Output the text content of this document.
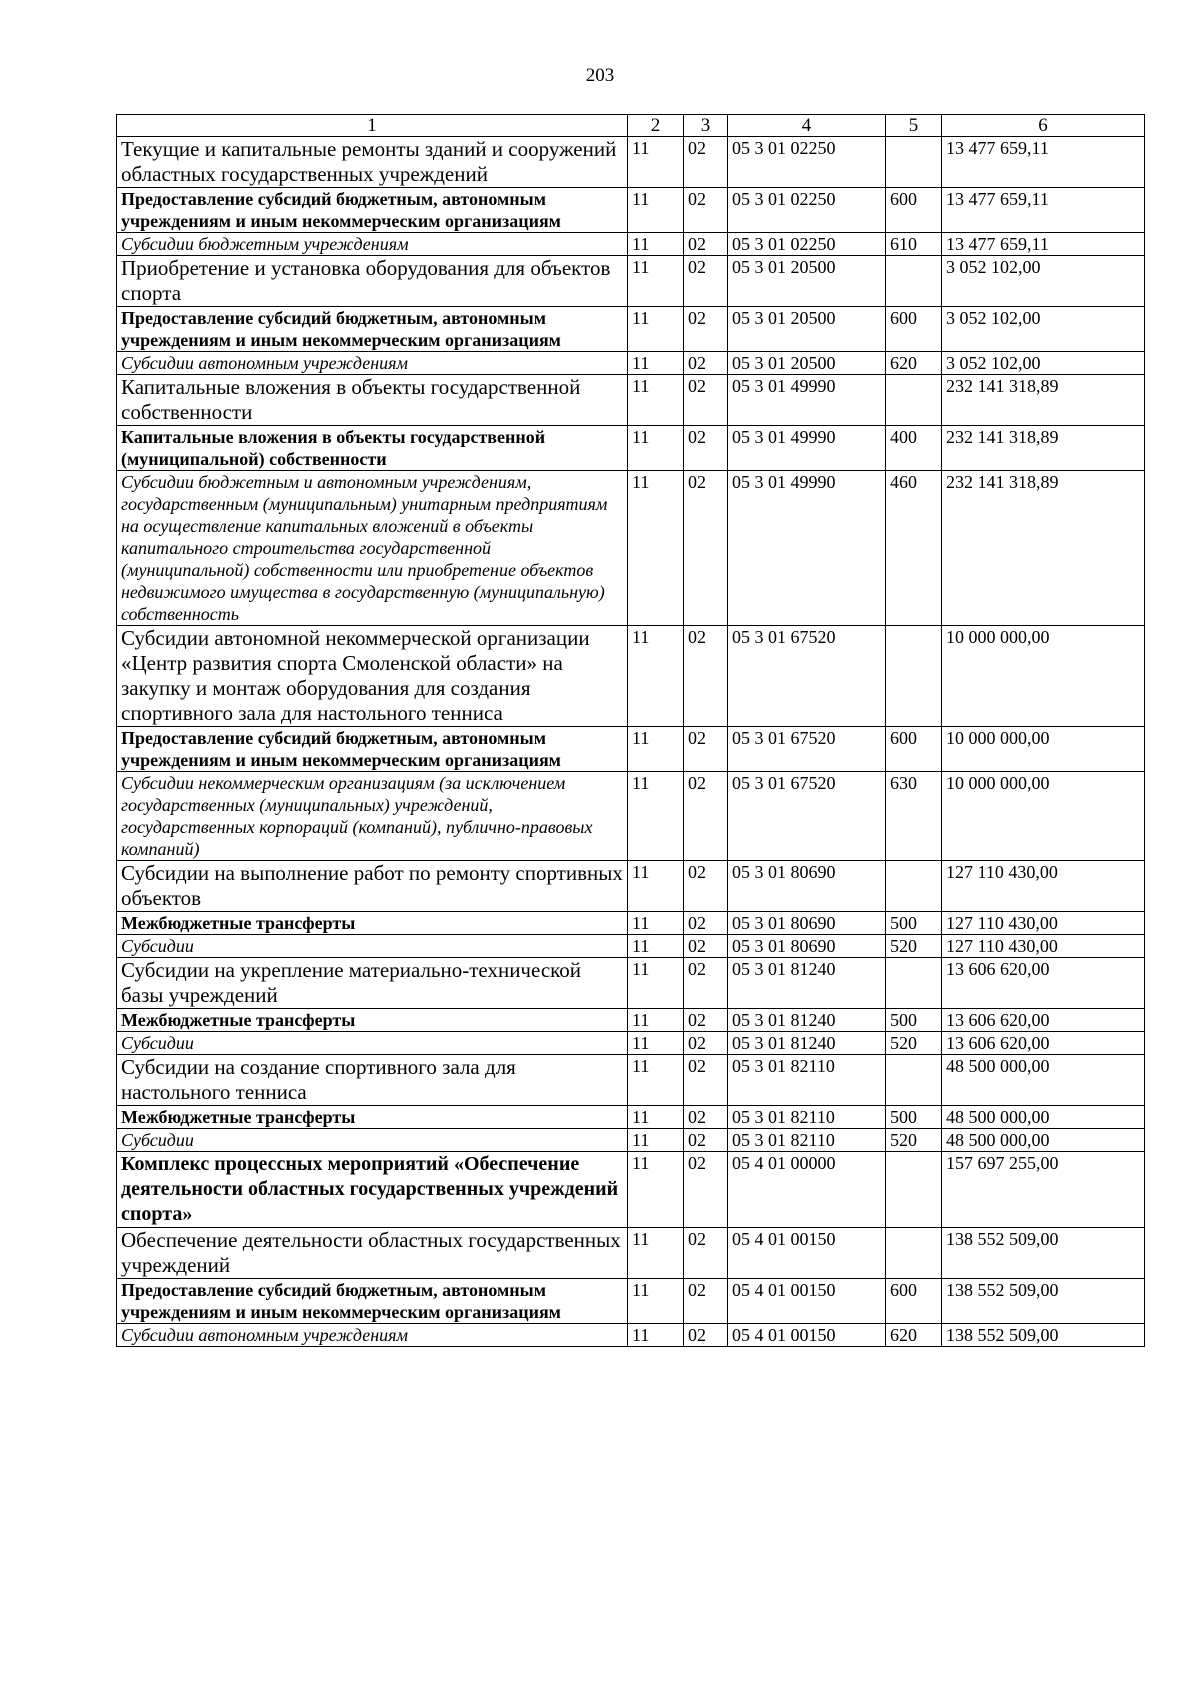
203
1	2	3	4	5	6
Текущие и капитальные ремонты зданий и сооружений областных государственных учреждений	11	02	05 3 01 02250		13 477 659,11
Предоставление субсидий бюджетным, автономным учреждениям и иным некоммерческим организациям	11	02	05 3 01 02250	600	13 477 659,11
Субсидии бюджетным учреждениям	11	02	05 3 01 02250	610	13 477 659,11
Приобретение и установка оборудования для объектов спорта	11	02	05 3 01 20500		3 052 102,00
Предоставление субсидий бюджетным, автономным учреждениям и иным некоммерческим организациям	11	02	05 3 01 20500	600	3 052 102,00
Субсидии автономным учреждениям	11	02	05 3 01 20500	620	3 052 102,00
Капитальные вложения в объекты государственной собственности	11	02	05 3 01 49990		232 141 318,89
Капитальные вложения в объекты государственной (муниципальной) собственности	11	02	05 3 01 49990	400	232 141 318,89
Субсидии бюджетным и автономным учреждениям, государственным (муниципальным) унитарным предприятиям на осуществление капитальных вложений в объекты капитального строительства государственной (муниципальной) собственности или приобретение объектов недвижимого имущества в государственную (муниципальную) собственность	11	02	05 3 01 49990	460	232 141 318,89
Субсидии автономной некоммерческой организации «Центр развития спорта Смоленской области» на закупку и монтаж оборудования для создания спортивного зала для настольного тенниса	11	02	05 3 01 67520		10 000 000,00
Предоставление субсидий бюджетным, автономным учреждениям и иным некоммерческим организациям	11	02	05 3 01 67520	600	10 000 000,00
Субсидии некоммерческим организациям (за исключением государственных (муниципальных) учреждений, государственных корпораций (компаний), публично-правовых компаний)	11	02	05 3 01 67520	630	10 000 000,00
Субсидии на выполнение работ по ремонту спортивных объектов	11	02	05 3 01 80690		127 110 430,00
Межбюджетные трансферты	11	02	05 3 01 80690	500	127 110 430,00
Субсидии	11	02	05 3 01 80690	520	127 110 430,00
Субсидии на укрепление материально-технической базы учреждений	11	02	05 3 01 81240		13 606 620,00
Межбюджетные трансферты	11	02	05 3 01 81240	500	13 606 620,00
Субсидии	11	02	05 3 01 81240	520	13 606 620,00
Субсидии на создание спортивного зала для настольного тенниса	11	02	05 3 01 82110		48 500 000,00
Межбюджетные трансферты	11	02	05 3 01 82110	500	48 500 000,00
Субсидии	11	02	05 3 01 82110	520	48 500 000,00
Комплекс процессных мероприятий «Обеспечение деятельности областных государственных учреждений спорта»	11	02	05 4 01 00000		157 697 255,00
Обеспечение деятельности областных государственных учреждений	11	02	05 4 01 00150		138 552 509,00
Предоставление субсидий бюджетным, автономным учреждениям и иным некоммерческим организациям	11	02	05 4 01 00150	600	138 552 509,00
Субсидии автономным учреждениям	11	02	05 4 01 00150	620	138 552 509,00
